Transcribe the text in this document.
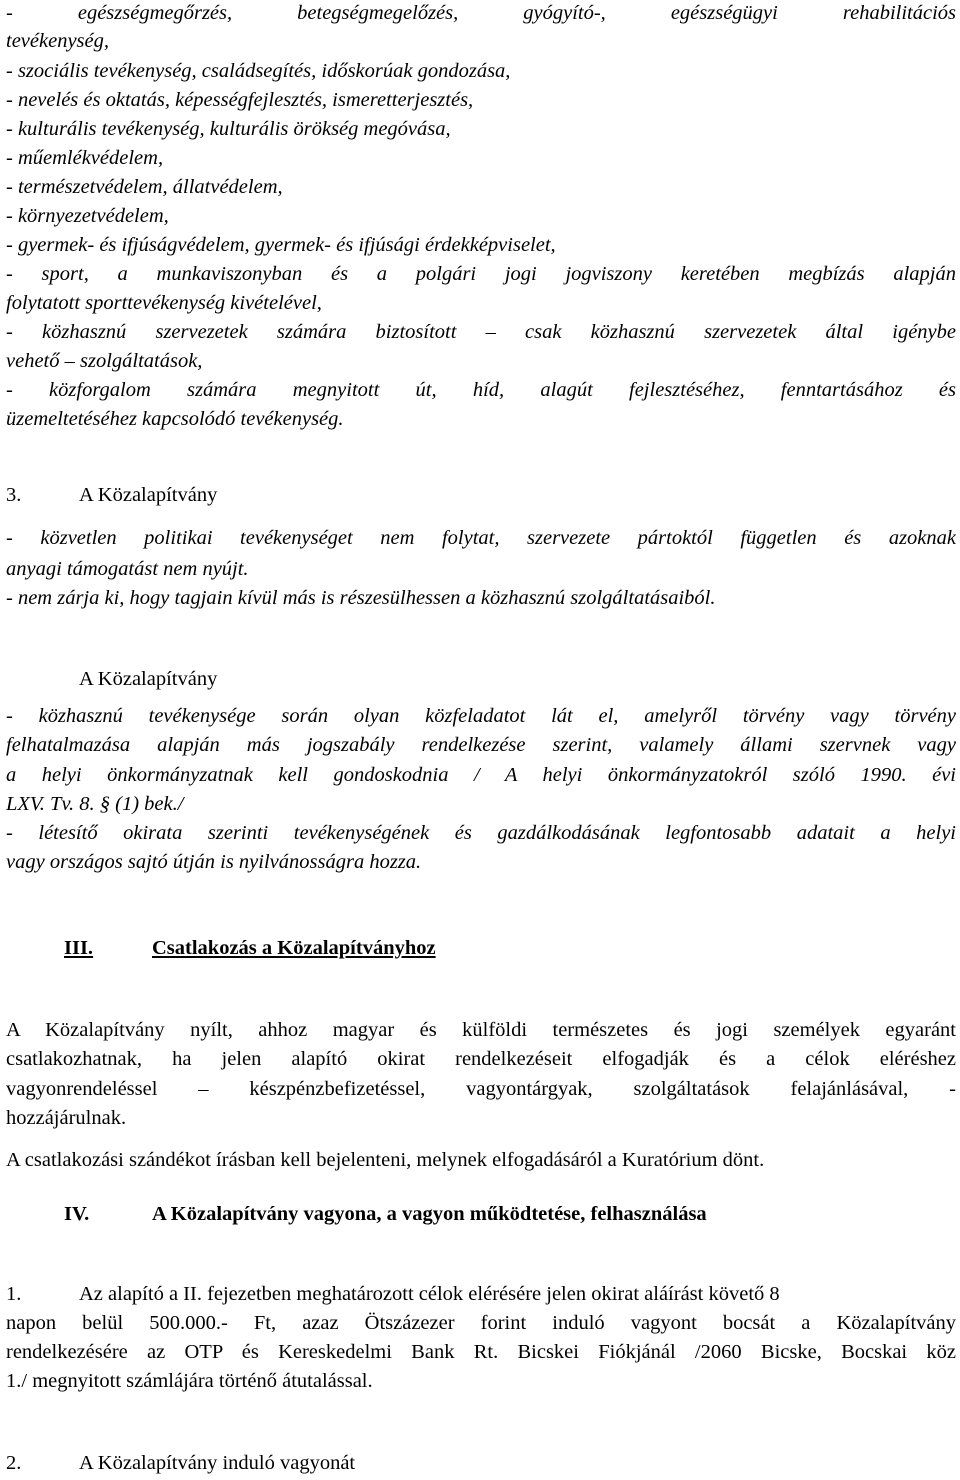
- egészségmegőrzés, betegségmegelőzés, gyógyító-, egészségügyi rehabilitációs
tevékenység,
- szociális tevékenység, családsegítés, időskorúak gondozása,
- nevelés és oktatás, képességfejlesztés, ismeretterjesztés,
- kulturális tevékenység, kulturális örökség megóvása,
- műemlékvédelem,
- természetvédelem, állatvédelem,
- környezetvédelem,
- gyermek- és ifjúságvédelem, gyermek- és ifjúsági érdekképviselet,
- sport, a munkaviszonyban és a polgári jogi jogviszony keretében megbízás alapján
folytatott sporttevékenység kivételével,
- közhasznú szervezetek számára biztosított – csak közhasznú szervezetek által igénybe
vehető – szolgáltatások,
- közforgalom számára megnyitott út, híd, alagút fejlesztéséhez, fenntartásához és
üzemeltetéséhez kapcsolódó tevékenység.
3.	A Közalapítvány
- közvetlen politikai tevékenységet nem folytat, szervezete pártoktól független és azoknak
anyagi támogatást nem nyújt.
- nem zárja ki, hogy tagjain kívül más is részesülhessen a közhasznú szolgáltatásaiból.
A Közalapítvány
- közhasznú tevékenysége során olyan közfeladatot lát el, amelyről törvény vagy törvény
felhatalmazása alapján más jogszabály rendelkezése szerint, valamely állami szervnek vagy
a helyi önkormányzatnak kell gondoskodnia / A helyi önkormányzatokról szóló 1990. évi
LXV. Tv. 8. § (1) bek./
- létesítő okirata szerinti tevékenységének és gazdálkodásának legfontosabb adatait a helyi
vagy országos sajtó útján is nyilvánosságra hozza.
III.	Csatlakozás a Közalapítványhoz
A Közalapítvány nyílt, ahhoz magyar és külföldi természetes és jogi személyek egyaránt
csatlakozhatnak, ha jelen alapító okirat rendelkezéseit elfogadják és a célok eléréshez
vagyonrendeléssel – készpénzbefizetéssel, vagyontárgyak, szolgáltatások felajánlásával, -
hozzájárulnak.
A csatlakozási szándékot írásban kell bejelenteni, melynek elfogadásáról a Kuratórium dönt.
IV.	A Közalapítvány vagyona, a vagyon működtetése, felhasználása
1.	Az alapító a II. fejezetben meghatározott célok elérésére jelen okirat aláírást követő 8
napon belül 500.000.- Ft, azaz Ötszázezer forint induló vagyont bocsát a Közalapítvány
rendelkezésére az OTP és Kereskedelmi Bank Rt. Bicskei Fiókjánál /2060 Bicske, Bocskai köz
1./ megnyitott számlájára történő átutalással.
2.	A Közalapítvány induló vagyonát
